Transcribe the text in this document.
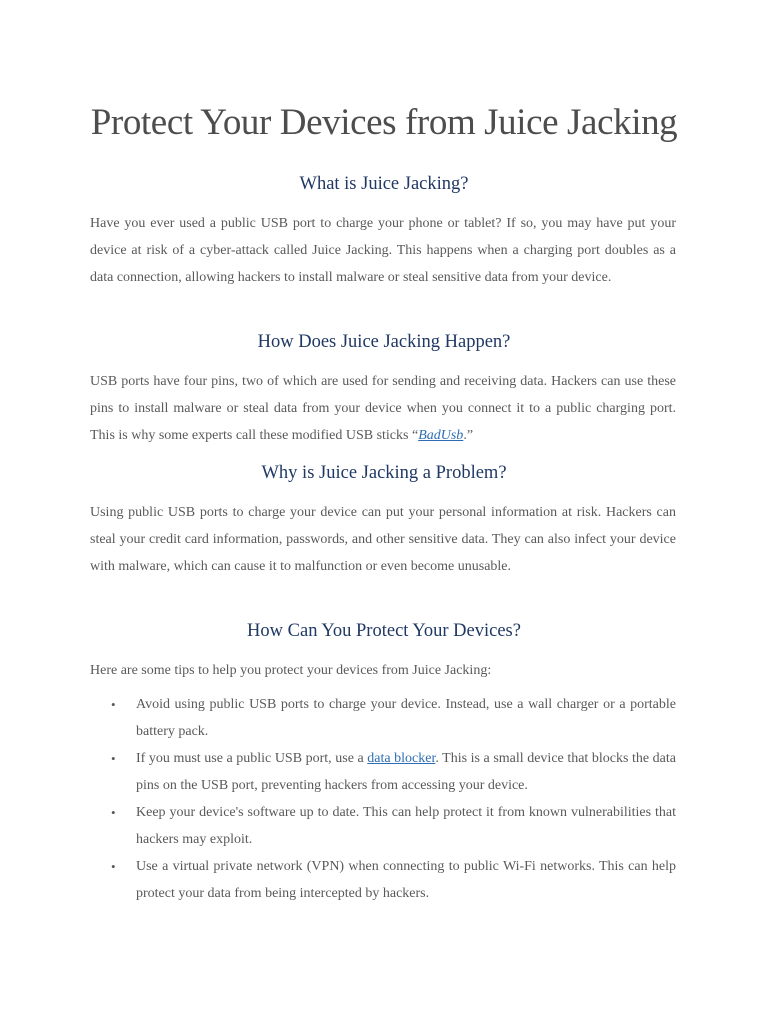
Protect Your Devices from Juice Jacking
What is Juice Jacking?

Have you ever used a public USB port to charge your phone or tablet? If so, you may have put your device at risk of a cyber-attack called Juice Jacking. This happens when a charging port doubles as a data connection, allowing hackers to install malware or steal sensitive data from your device.

How Does Juice Jacking Happen?

USB ports have four pins, two of which are used for sending and receiving data. Hackers can use these pins to install malware or steal data from your device when you connect it to a public charging port. This is why some experts call these modified USB sticks “BadUsb.”

Why is Juice Jacking a Problem?

Using public USB ports to charge your device can put your personal information at risk. Hackers can steal your credit card information, passwords, and other sensitive data. They can also infect your device with malware, which can cause it to malfunction or even become unusable.

How Can You Protect Your Devices?

Here are some tips to help you protect your devices from Juice Jacking:

• Avoid using public USB ports to charge your device. Instead, use a wall charger or a portable battery pack.
• If you must use a public USB port, use a data blocker. This is a small device that blocks the data pins on the USB port, preventing hackers from accessing your device.
• Keep your device's software up to date. This can help protect it from known vulnerabilities that hackers may exploit.
• Use a virtual private network (VPN) when connecting to public Wi-Fi networks. This can help protect your data from being intercepted by hackers.
